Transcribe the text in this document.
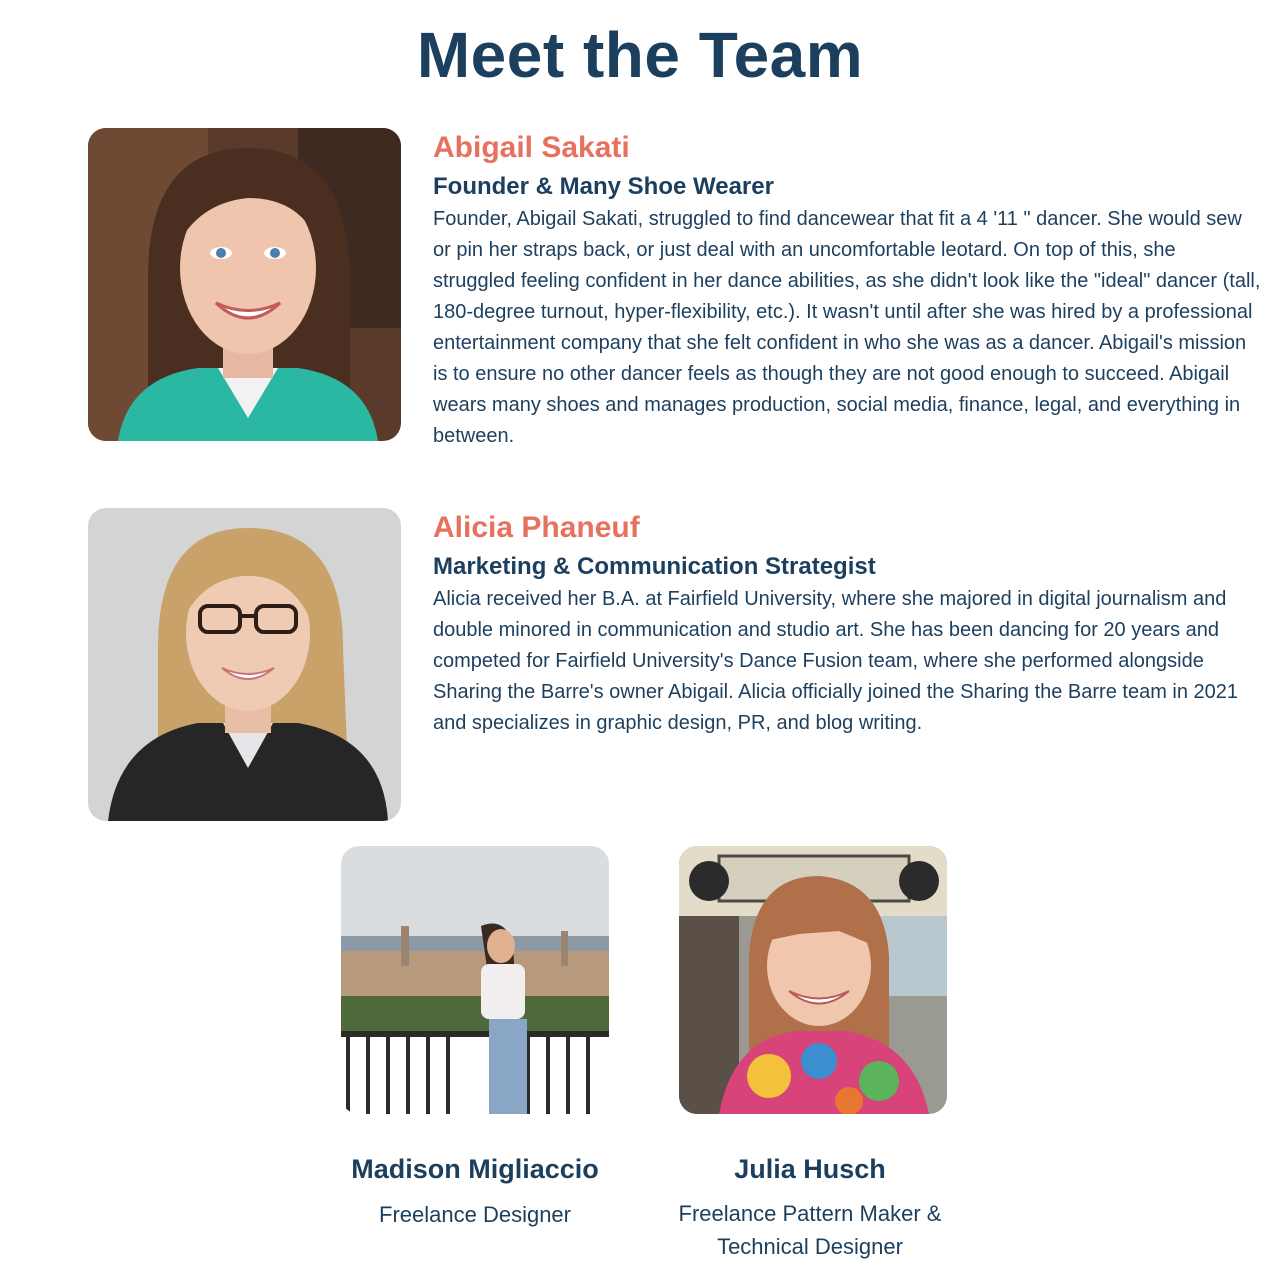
Meet the Team

Abigail Sakati

Founder & Many Shoe Wearer

Founder, Abigail Sakati, struggled to find dancewear that fit a 4 '11 " dancer. She would sew or pin her straps back, or just deal with an uncomfortable leotard. On top of this, she struggled feeling confident in her dance abilities, as she didn't look like the "ideal" dancer (tall, 180-degree turnout, hyper-flexibility, etc.). It wasn't until after she was hired by a professional entertainment company that she felt confident in who she was as a dancer. Abigail's mission is to ensure no other dancer feels as though they are not good enough to succeed. Abigail wears many shoes and manages production, social media, finance, legal, and everything in between.

Alicia Phaneuf

Marketing & Communication Strategist

Alicia received her B.A. at Fairfield University, where she majored in digital journalism and double minored in communication and studio art. She has been dancing for 20 years and competed for Fairfield University's Dance Fusion team, where she performed alongside Sharing the Barre's owner Abigail. Alicia officially joined the Sharing the Barre team in 2021 and specializes in graphic design, PR, and blog writing.

Madison Migliaccio

Freelance Designer

Julia Husch

Freelance Pattern Maker &

Technical Designer
